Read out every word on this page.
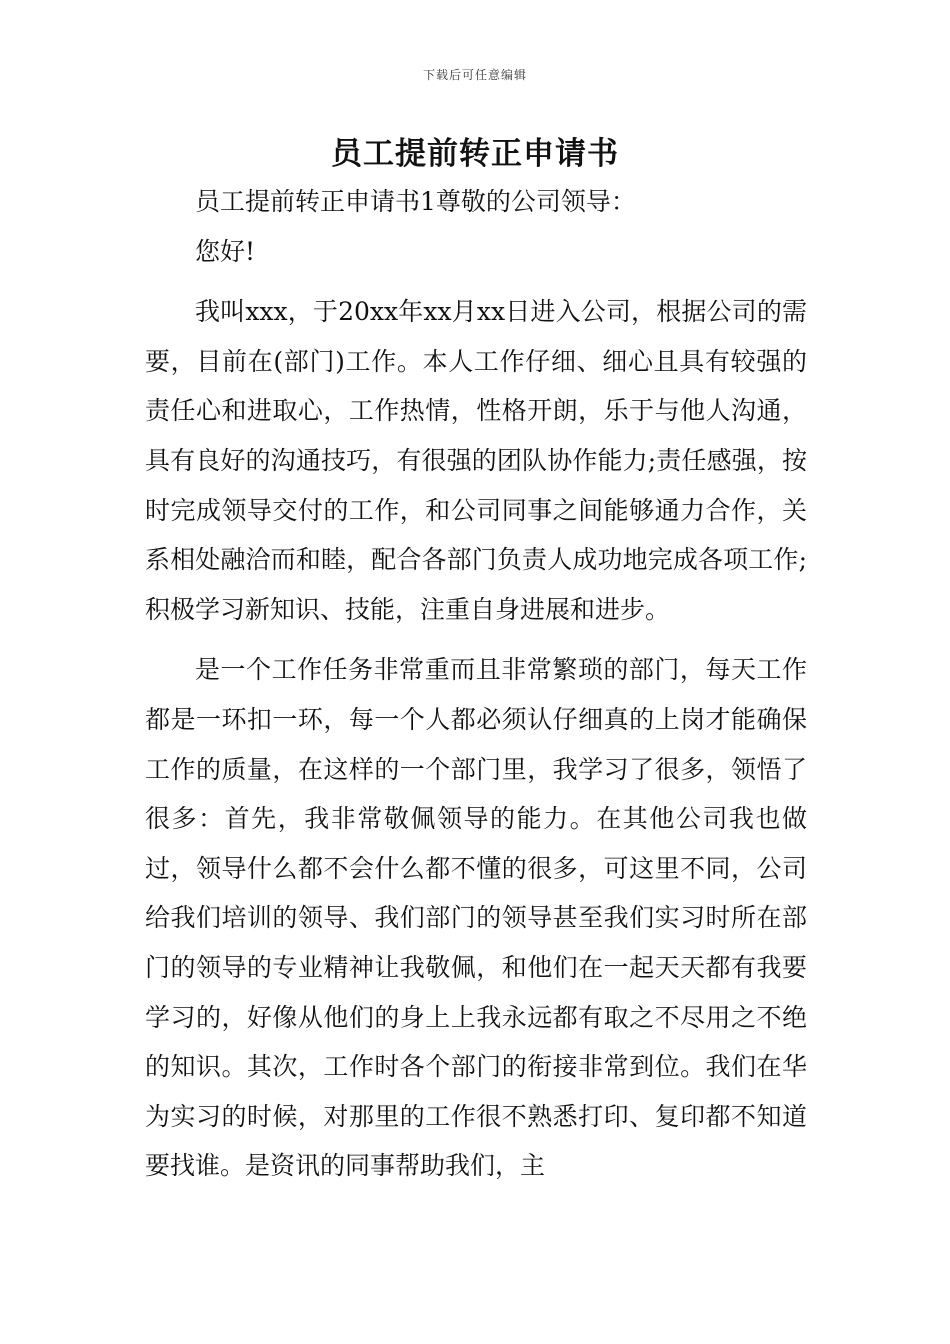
下载后可任意编辑
员工提前转正申请书

员工提前转正申请书1尊敬的公司领导：

您好!

我叫xxx，于20xx年xx月xx日进入公司，根据公司的需要，目前在(部门)工作。本人工作仔细、细心且具有较强的责任心和进取心，工作热情，性格开朗，乐于与他人沟通，具有良好的沟通技巧，有很强的团队协作能力;责任感强，按时完成领导交付的工作，和公司同事之间能够通力合作，关系相处融洽而和睦，配合各部门负责人成功地完成各项工作;积极学习新知识、技能，注重自身进展和进步。

是一个工作任务非常重而且非常繁琐的部门，每天工作都是一环扣一环，每一个人都必须认仔细真的上岗才能确保工作的质量，在这样的一个部门里，我学习了很多，领悟了很多：首先，我非常敬佩领导的能力。在其他公司我也做过，领导什么都不会什么都不懂的很多，可这里不同，公司给我们培训的领导、我们部门的领导甚至我们实习时所在部门的领导的专业精神让我敬佩，和他们在一起天天都有我要学习的，好像从他们的身上上我永远都有取之不尽用之不绝的知识。其次，工作时各个部门的衔接非常到位。我们在华为实习的时候，对那里的工作很不熟悉打印、复印都不知道要找谁。是资讯的同事帮助我们，主
